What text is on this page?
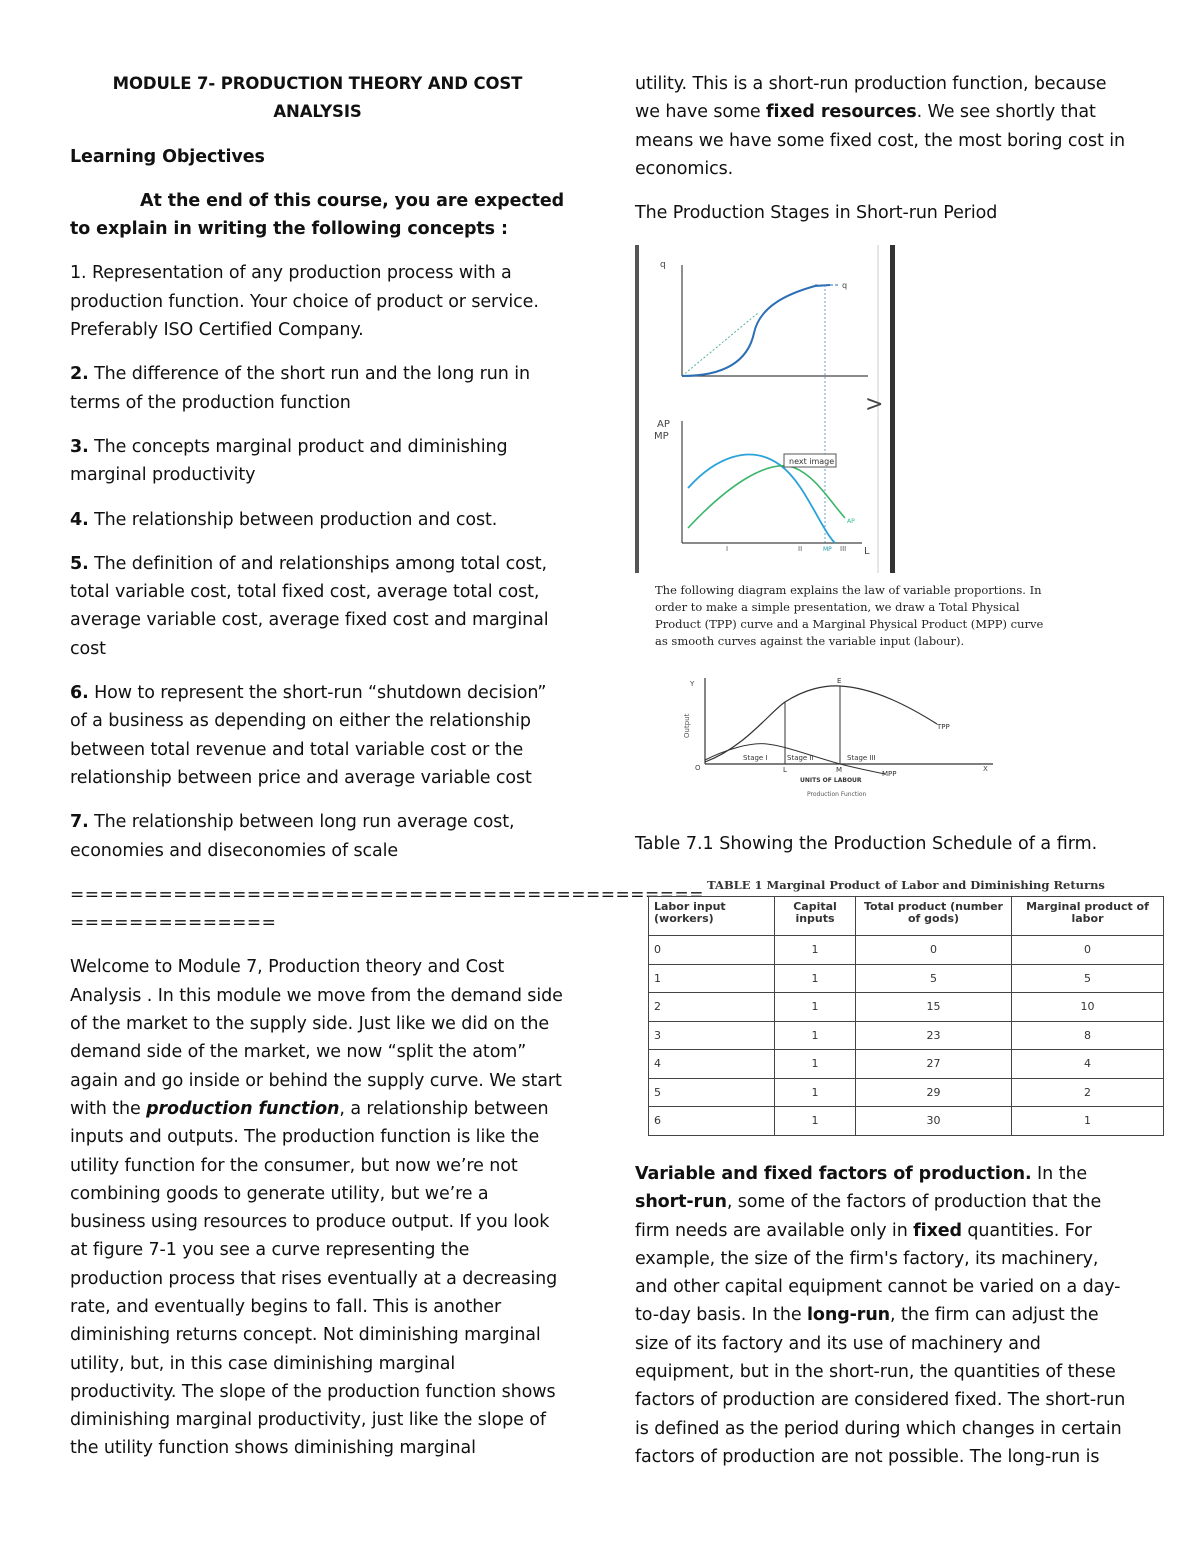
MODULE 7- PRODUCTION THEORY AND COST
ANALYSIS

Learning Objectives

At the end of this course, you are expected to explain in writing the following concepts :

1. Representation of any production process with a production function. Your choice of product or service. Preferably ISO Certified Company.

2. The difference of the short run and the long run in terms of the production function

3. The concepts marginal product and diminishing marginal productivity

4. The relationship between production and cost.

5. The definition of and relationships among total cost, total variable cost, total fixed cost, average total cost, average variable cost, average fixed cost and marginal cost

6. How to represent the short-run “shutdown decision” of a business as depending on either the relationship between total revenue and total variable cost or the relationship between price and average variable cost

7. The relationship between long run average cost, economies and diseconomies of scale

===========================================
==============

Welcome to Module 7, Production theory and Cost Analysis . In this module we move from the demand side of the market to the supply side. Just like we did on the demand side of the market, we now “split the atom” again and go inside or behind the supply curve. We start with the production function, a relationship between inputs and outputs. The production function is like the utility function for the consumer, but now we’re not combining goods to generate utility, but we’re a business using resources to produce output. If you look at figure 7-1 you see a curve representing the production process that rises eventually at a decreasing rate, and eventually begins to fall. This is another diminishing returns concept. Not diminishing marginal utility, but, in this case diminishing marginal productivity. The slope of the production function shows diminishing marginal productivity, just like the slope of the utility function shows diminishing marginal

utility. This is a short-run production function, because we have some fixed resources. We see shortly that means we have some fixed cost, the most boring cost in economics.

The Production Stages in Short-run Period

q
q
>
AP
MP
AP
MP
next image
I	II	III L
The following diagram explains the law of variable proportions. In order to make a simple presentation, we draw a Total Physical Product (TPP) curve and a Marginal Physical Product (MPP) curve as smooth curves against the variable input (labour).
Y
X
O
Output	TPP
MPP
E
Stage I	Stage II	Stage III
L	M
UNITS OF LABOUR
Production Function
Table 7.1 Showing the Production Schedule of a firm.
TABLE 1 Marginal Product of Labor and Diminishing Returns
Labor input (workers)	Capital inputs	Total product (number of gods)	Marginal product of labor
0	1	0	0
1	1	5	5
2	1	15	10
3	1	23	8
4	1	27	4
5	1	29	2
6	1	30	1
Variable and fixed factors of production. In the short-run, some of the factors of production that the firm needs are available only in fixed quantities. For example, the size of the firm's factory, its machinery, and other capital equipment cannot be varied on a day-to-day basis. In the long-run, the firm can adjust the size of its factory and its use of machinery and equipment, but in the short-run, the quantities of these factors of production are considered fixed. The short-run is defined as the period during which changes in certain factors of production are not possible. The long-run is
